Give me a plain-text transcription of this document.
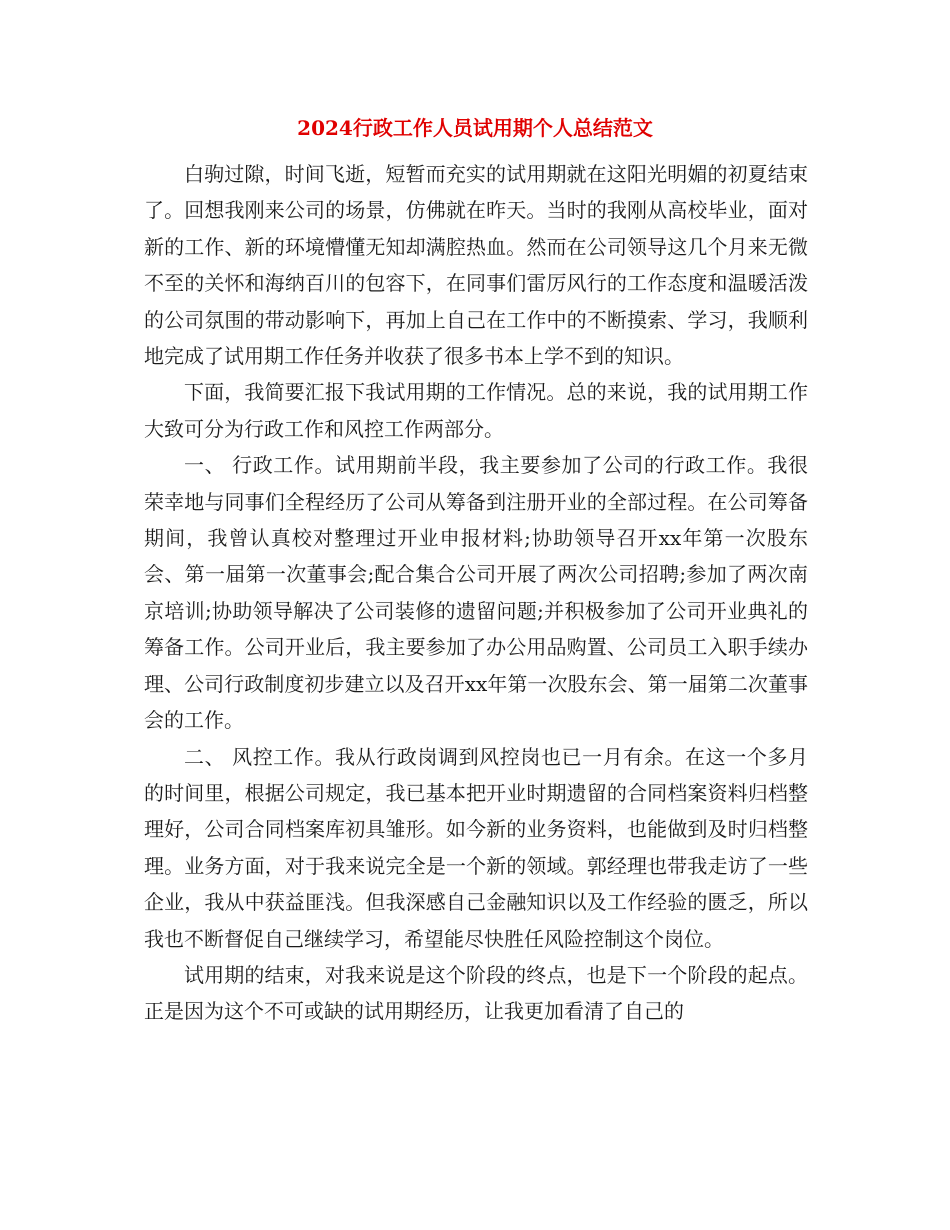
2024行政工作人员试用期个人总结范文

白驹过隙，时间飞逝，短暂而充实的试用期就在这阳光明媚的初夏结束了。回想我刚来公司的场景，仿佛就在昨天。当时的我刚从高校毕业，面对新的工作、新的环境懵懂无知却满腔热血。然而在公司领导这几个月来无微不至的关怀和海纳百川的包容下，在同事们雷厉风行的工作态度和温暖活泼的公司氛围的带动影响下，再加上自己在工作中的不断摸索、学习，我顺利地完成了试用期工作任务并收获了很多书本上学不到的知识。

下面，我简要汇报下我试用期的工作情况。总的来说，我的试用期工作大致可分为行政工作和风控工作两部分。

一、 行政工作。试用期前半段，我主要参加了公司的行政工作。我很荣幸地与同事们全程经历了公司从筹备到注册开业的全部过程。在公司筹备期间，我曾认真校对整理过开业申报材料;协助领导召开xx年第一次股东会、第一届第一次董事会;配合集合公司开展了两次公司招聘;参加了两次南京培训;协助领导解决了公司装修的遗留问题;并积极参加了公司开业典礼的筹备工作。公司开业后，我主要参加了办公用品购置、公司员工入职手续办理、公司行政制度初步建立以及召开xx年第一次股东会、第一届第二次董事会的工作。

二、 风控工作。我从行政岗调到风控岗也已一月有余。在这一个多月的时间里，根据公司规定，我已基本把开业时期遗留的合同档案资料归档整理好，公司合同档案库初具雏形。如今新的业务资料，也能做到及时归档整理。业务方面，对于我来说完全是一个新的领域。郭经理也带我走访了一些企业，我从中获益匪浅。但我深感自己金融知识以及工作经验的匮乏，所以我也不断督促自己继续学习，希望能尽快胜任风险控制这个岗位。

试用期的结束，对我来说是这个阶段的终点，也是下一个阶段的起点。正是因为这个不可或缺的试用期经历，让我更加看清了自己的
